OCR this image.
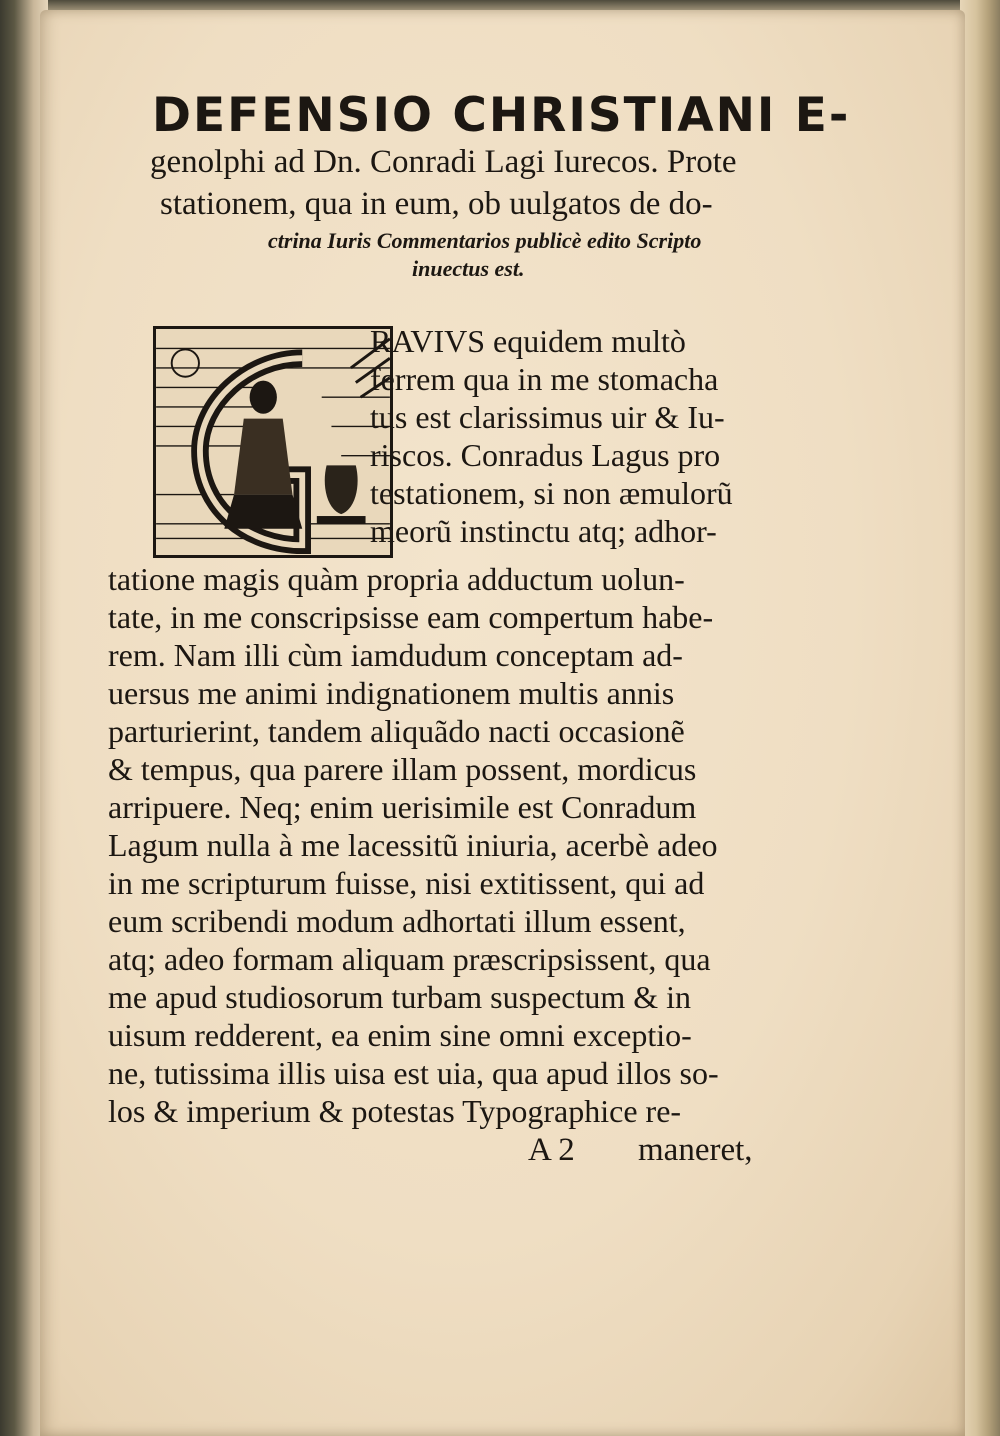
DEFENSIO CHRISTIANI E-
genolphi ad Dn. Conradi Lagi Iurecos. Prote
stationem, qua in eum, ob uulgatos de do-
ctrina Iuris Commentarios publicè edito Scripto
inuectus est.
RAVIVS equidem multò
ferrem qua in me stomacha
tus est clarissimus uir & Iu-
riscos. Conradus Lagus pro
testationem, si non æmulorũ
meorũ instinctu atq; adhor-
tatione magis quàm propria adductum uolun-
tate, in me conscripsisse eam compertum habe-
rem. Nam illi cùm iamdudum conceptam ad-
uersus me animi indignationem multis annis
parturierint, tandem aliquãdo nacti occasionẽ
& tempus, qua parere illam possent, mordicus
arripuere. Neq; enim uerisimile est Conradum
Lagum nulla à me lacessitũ iniuria, acerbè adeo
in me scripturum fuisse, nisi extitissent, qui ad
eum scribendi modum adhortati illum essent,
atq; adeo formam aliquam præscripsissent, qua
me apud studiosorum turbam suspectum & in
uisum redderent, ea enim sine omni exceptio-
ne, tutissima illis uisa est uia, qua apud illos so-
los & imperium & potestas Typographice re-
A 2 maneret,
